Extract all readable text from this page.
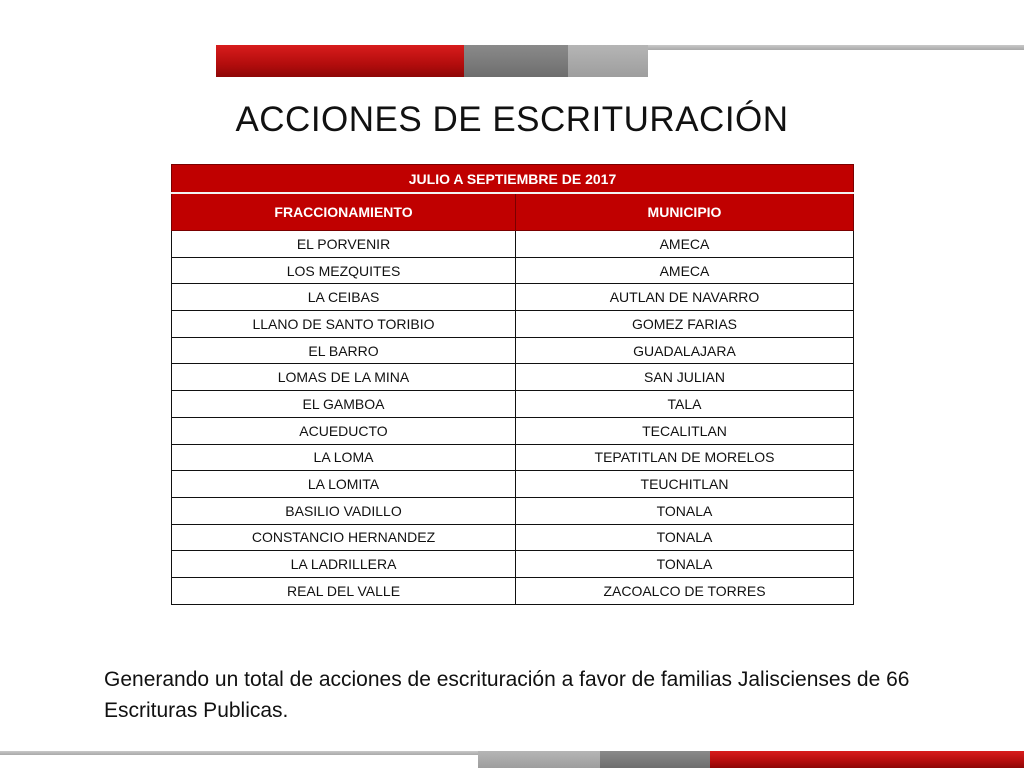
ACCIONES DE ESCRITURACIÓN
JULIO A SEPTIEMBRE DE 2017	
FRACCIONAMIENTO	MUNICIPIO
EL PORVENIR	AMECA
LOS MEZQUITES	AMECA
LA CEIBAS	AUTLAN DE NAVARRO
LLANO DE SANTO TORIBIO	GOMEZ FARIAS
EL BARRO	GUADALAJARA
LOMAS DE LA MINA	SAN JULIAN
EL GAMBOA	TALA
ACUEDUCTO	TECALITLAN
LA LOMA	TEPATITLAN DE MORELOS
LA LOMITA	TEUCHITLAN
BASILIO VADILLO	TONALA
CONSTANCIO HERNANDEZ	TONALA
LA LADRILLERA	TONALA
REAL DEL VALLE	ZACOALCO DE TORRES
Generando un total de acciones de escrituración a favor de familias Jaliscienses de 66 Escrituras Publicas.
